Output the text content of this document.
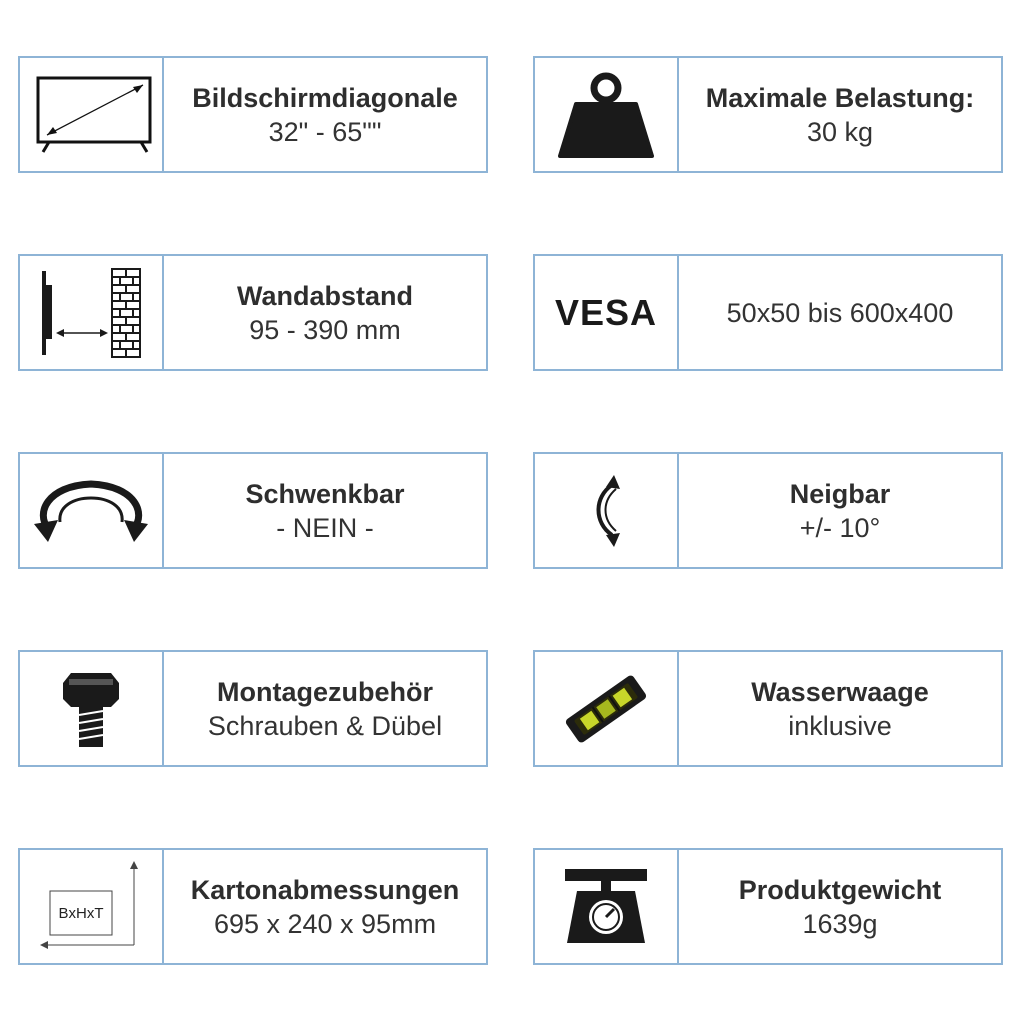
Bildschirmdiagonale
32" - 65""
Maximale Belastung:
30 kg
Wandabstand
95 - 390 mm	VESA	50x50 bis 600x400
Schwenkbar
- NEIN -
Neigbar
+/- 10°
Montagezubehör
Schrauben & Dübel
Wasserwaage
inklusive
BxHxT
Kartonabmessungen
695 x 240 x 95mm
Produktgewicht
1639g
